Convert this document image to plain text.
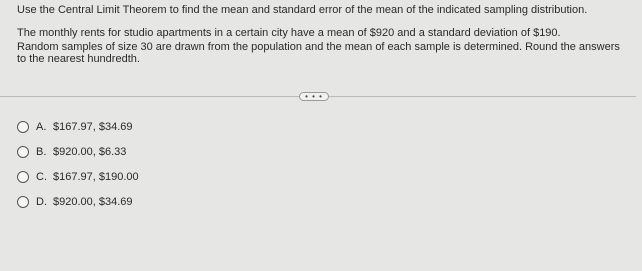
Use the Central Limit Theorem to find the mean and standard error of the mean of the indicated sampling distribution.

The monthly rents for studio apartments in a certain city have a mean of $920 and a standard deviation of $190.

Random samples of size 30 are drawn from the population and the mean of each sample is determined. Round the answers to the nearest hundredth.

• • •
A. $167.97, $34.69
B. $920.00, $6.33
C. $167.97, $190.00
D. $920.00, $34.69
